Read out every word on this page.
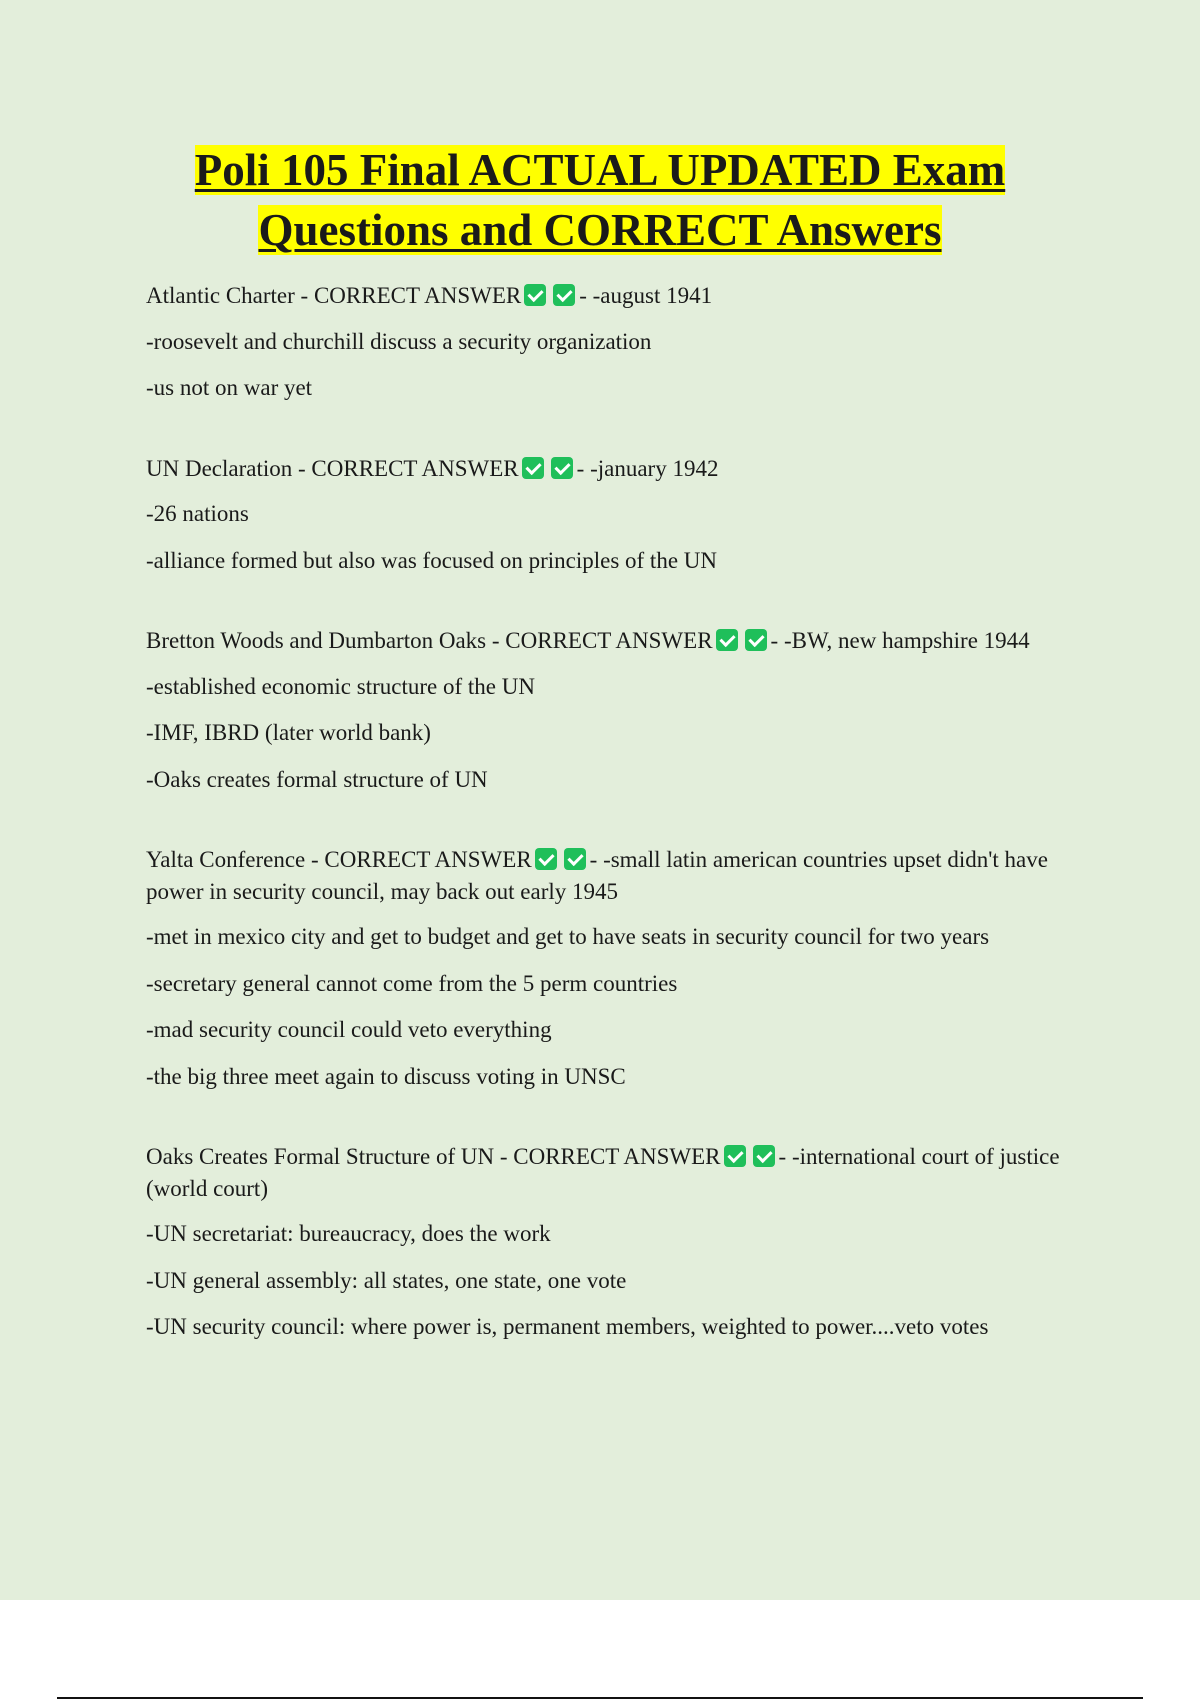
Poli 105 Final ACTUAL UPDATED Exam
Questions and CORRECT Answers
Atlantic Charter - CORRECT ANSWER	- -august 1941
-roosevelt and churchill discuss a security organization
-us not on war yet
UN Declaration - CORRECT ANSWER	- -january 1942
-26 nations
-alliance formed but also was focused on principles of the UN
Bretton Woods and Dumbarton Oaks - CORRECT ANSWER	- -BW, new hampshire 1944
-established economic structure of the UN
-IMF, IBRD (later world bank)
-Oaks creates formal structure of UN
Yalta Conference - CORRECT ANSWER	- -small latin american countries upset didn't have power in security council, may back out early 1945
-met in mexico city and get to budget and get to have seats in security council for two years
-secretary general cannot come from the 5 perm countries
-mad security council could veto everything
-the big three meet again to discuss voting in UNSC
Oaks Creates Formal Structure of UN - CORRECT ANSWER	- -international court of justice (world court)
-UN secretariat: bureaucracy, does the work
-UN general assembly: all states, one state, one vote
-UN security council: where power is, permanent members, weighted to power....veto votes
